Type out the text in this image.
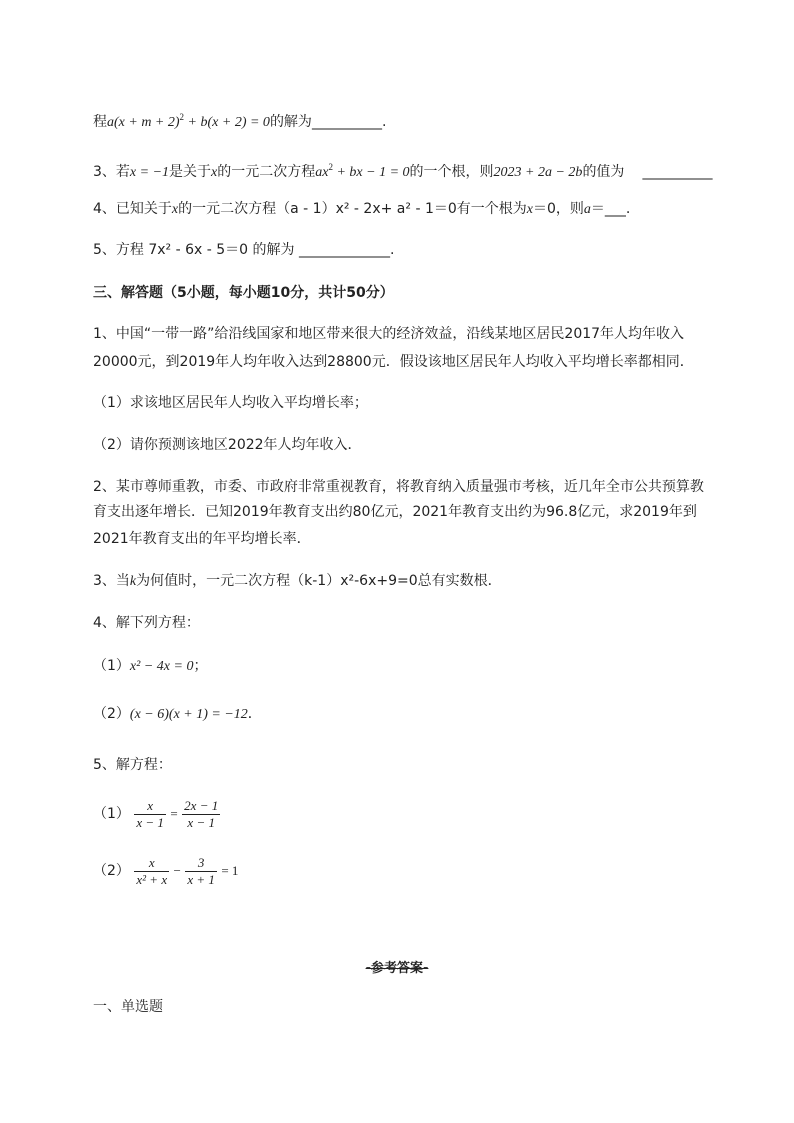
程$a(x + m + 2)^2 + b(x + 2) = 0$的解为__________.
3、若x = −1是关于x的一元二次方程$ax^2$ + bx − 1 = 0的一个根，则2023 + 2a − 2b的值为 __________
4、已知关于x的一元二次方程（a - 1）x² - 2x+ a² - 1＝0有一个根为x＝0，则a＝___.
5、方程 7x² - 6x - 5＝0 的解为 _____________.
三、解答题（5小题，每小题10分，共计50分）
1、中国“一带一路”给沿线国家和地区带来很大的经济效益，沿线某地区居民2017年人均年收入
20000元，到2019年人均年收入达到28800元．假设该地区居民年人均收入平均增长率都相同．
（1）求该地区居民年人均收入平均增长率；
（2）请你预测该地区2022年人均年收入．
2、某市尊师重教，市委、市政府非常重视教育，将教育纳入质量强市考核，近几年全市公共预算教
育支出逐年增长．已知2019年教育支出约80亿元，2021年教育支出约为96.8亿元，求2019年到
2021年教育支出的年平均增长率．
3、当k为何值时，一元二次方程（k-1）x²-6x+9=0总有实数根．
4、解下列方程：
（1）x² − 4x = 0；
（2）(x − 6)(x + 1) = −12．
5、解方程：
$(1) \frac{x}{x - 1} = \frac{2x - 1}{x - 1}$
$(2) \frac{x}{\text{x² + x}} - \frac{3}{x + 1} = 1$
-参考答案-
一、单选题
